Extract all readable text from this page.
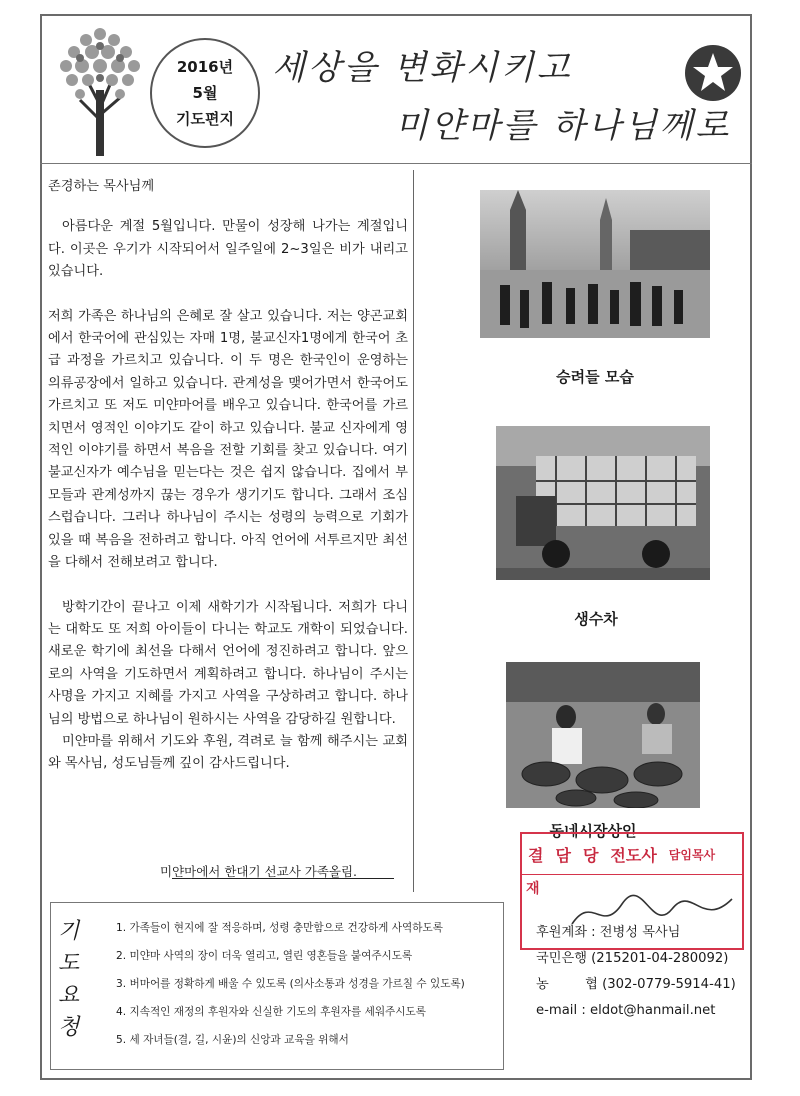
2016년
5월
기도편지
세상을 변화시키고
미얀마를 하나님께로

존경하는 목사님께

아름다운 계절 5월입니다. 만물이 성장해 나가는 계절입니다. 이곳은 우기가 시작되어서 일주일에 2~3일은 비가 내리고 있습니다.

저희 가족은 하나님의 은혜로 잘 살고 있습니다. 저는 양곤교회에서 한국어에 관심있는 자매 1명, 불교신자1명에게 한국어 초급 과정을 가르치고 있습니다. 이 두 명은 한국인이 운영하는 의류공장에서 일하고 있습니다. 관계성을 맺어가면서 한국어도 가르치고 또 저도 미얀마어를 배우고 있습니다. 한국어를 가르치면서 영적인 이야기도 같이 하고 있습니다. 불교 신자에게 영적인 이야기를 하면서 복음을 전할 기회를 찾고 있습니다. 여기 불교신자가 예수님을 믿는다는 것은 쉽지 않습니다. 집에서 부모들과 관계성까지 끊는 경우가 생기기도 합니다. 그래서 조심스럽습니다. 그러나 하나님이 주시는 성령의 능력으로 기회가 있을 때 복음을 전하려고 합니다. 아직 언어에 서투르지만 최선을 다해서 전해보려고 합니다.

방학기간이 끝나고 이제 새학기가 시작됩니다. 저희가 다니는 대학도 또 저희 아이들이 다니는 학교도 개학이 되었습니다. 새로운 학기에 최선을 다해서 언어에 정진하려고 합니다. 앞으로의 사역을 기도하면서 계획하려고 합니다. 하나님이 주시는 사명을 가지고 지혜를 가지고 사역을 구상하려고 합니다. 하나님의 방법으로 하나님이 원하시는 사역을 감당하길 원합니다.

미얀마를 위해서 기도와 후원, 격려로 늘 함께 해주시는 교회와 목사님, 성도님들께 깊이 감사드립니다.

미얀마에서 한대기 선교사 가족올림.
승려들 모습
생수차
동네시장상인
결 담 당 전도사	담임목사
재
기도
요청
1. 가족들이 현지에 잘 적응하며, 성령 충만함으로 건강하게 사역하도록
2. 미얀마 사역의 장이 더욱 열리고, 열린 영혼들을 붙여주시도록
3. 버마어를 정확하게 배울 수 있도록 (의사소통과 성경을 가르칠 수 있도록)
4. 지속적인 재정의 후원자와 신실한 기도의 후원자를 세워주시도록
5. 세 자녀들(결, 길, 시윤)의 신앙과 교육을 위해서
후원계좌 : 전병성 목사님
국민은행 (215201-04-280092)
농	협 (302-0779-5914-41)
e-mail : eldot@hanmail.net
